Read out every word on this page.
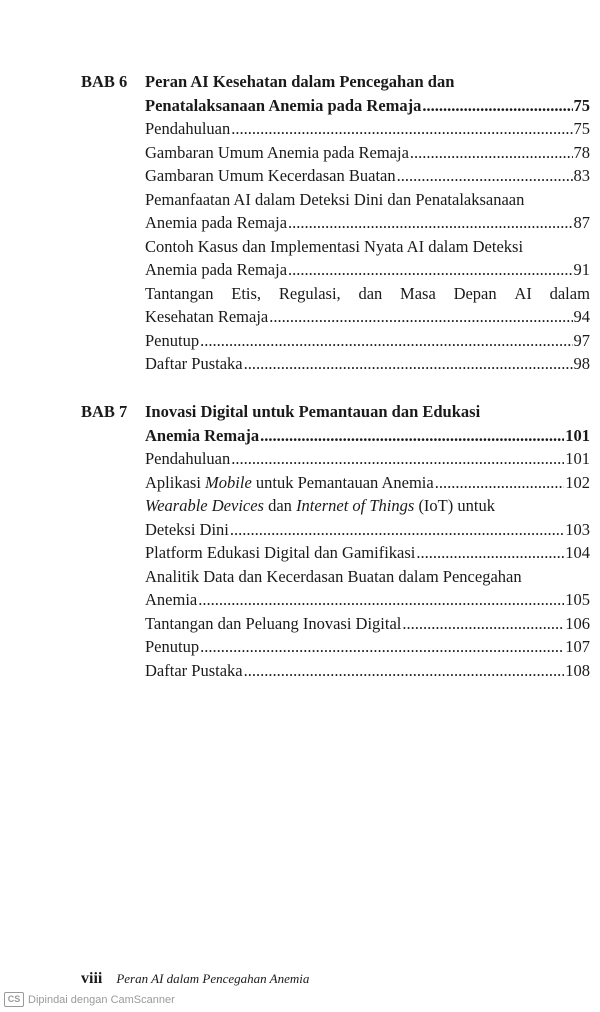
BAB 6 Peran AI Kesehatan dalam Pencegahan dan
Penatalaksanaan Anemia pada Remaja .....	75
Pendahuluan .....	75
Gambaran Umum Anemia pada Remaja .....	78
Gambaran Umum Kecerdasan Buatan .....	83
Pemanfaatan AI dalam Deteksi Dini dan Penatalaksanaan
Anemia pada Remaja .....	87
Contoh Kasus dan Implementasi Nyata AI dalam Deteksi
Anemia pada Remaja .....	91
Tantangan Etis, Regulasi, dan Masa Depan AI dalam
Kesehatan Remaja .....	94
Penutup .....	97
Daftar Pustaka .....	98
BAB 7 Inovasi Digital untuk Pemantauan dan Edukasi
Anemia Remaja .....	101
Pendahuluan .....	101
Aplikasi Mobile untuk Pemantauan Anemia .....	102
Wearable Devices dan Internet of Things (IoT) untuk
Deteksi Dini .....	103
Platform Edukasi Digital dan Gamifikasi .....	104
Analitik Data dan Kecerdasan Buatan dalam Pencegahan
Anemia .....	105
Tantangan dan Peluang Inovasi Digital .....	106
Penutup .....	107
Daftar Pustaka .....	108
viii Peran AI dalam Pencegahan Anemia
CS Dipindai dengan CamScanner
